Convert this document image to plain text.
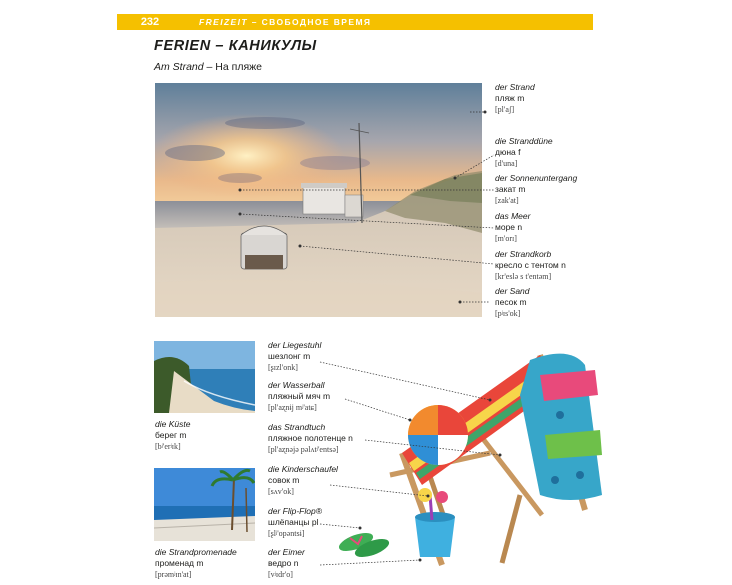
232	FREIZEIT – СВОБОДНОЕ ВРЕМЯ
FERIEN – КАНИКУЛЫ
Am Strand – На пляже
der Strand
пляж m
[pl'aʃ]
die Stranddüne
дюна f
[d'una]
der Sonnenuntergang
закат m
[zak'at]
das Meer
море n
[m'orɪ]
der Strandkorb
кресло с тентом n
[kr'eslə s t'entəm]
der Sand
песок m
[pʲɪs'ok]
die Küste
берег m
[bʲ'erʲɪk]
die Strandpromenade
променад m
[prəmʲɪn'at]
der Liegestuhl
шезлонг m
[ʂɪzl'onk]
der Wasserball
пляжный мяч m
[pl'aʐnɨj mʲ'atɕ]
das Strandtuch
пляжное полотенце n
[pl'aʐnəjə pəlʌtʲ'entsə]
die Kinderschaufel
совок m
[sʌv'ok]
der Flip-Flop®
шлёпанцы pl
[ʂlʲ'opəntsɨ]
der Eimer
ведро n
[vʲɪdr'o]
